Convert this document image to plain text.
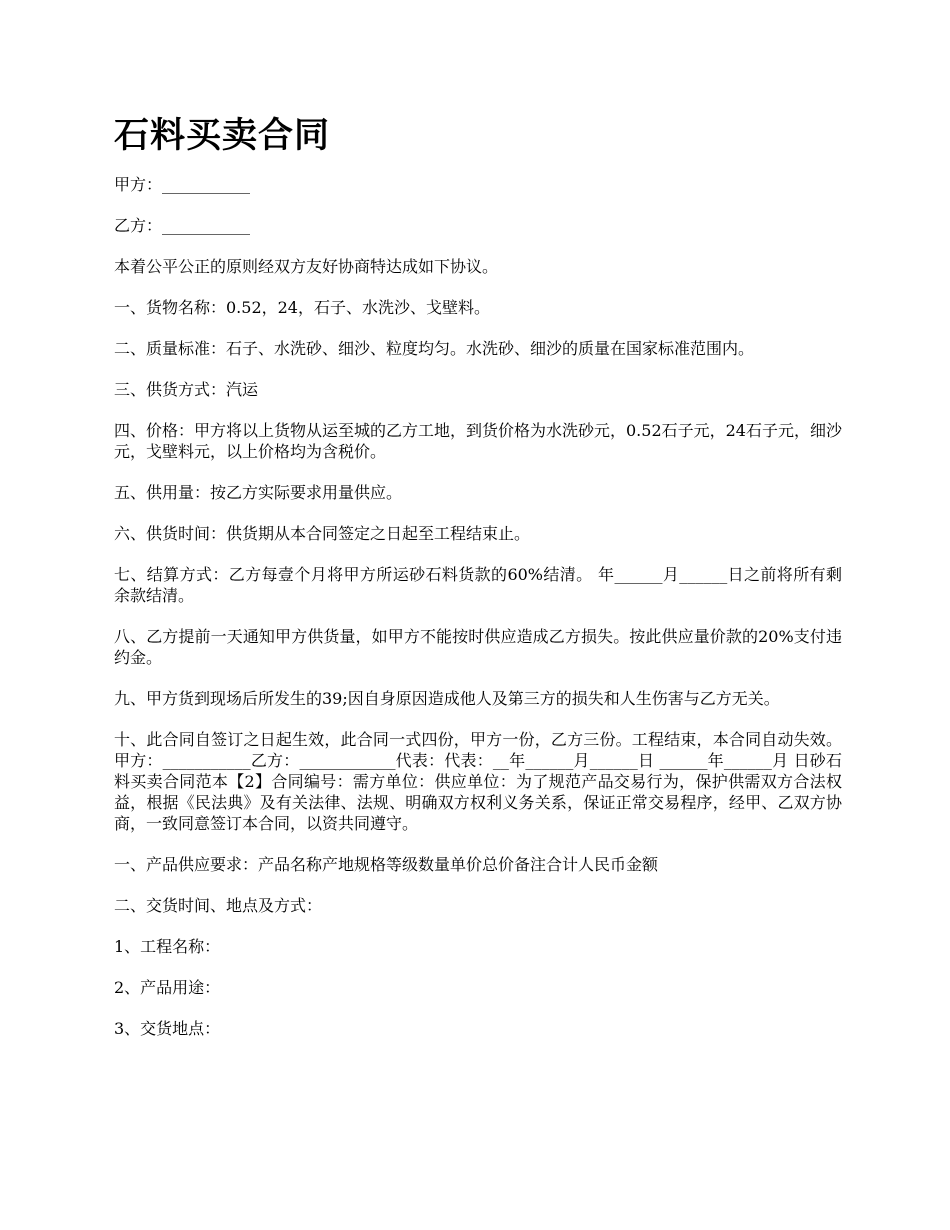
石料买卖合同

甲方：___________

乙方：___________

本着公平公正的原则经双方友好协商特达成如下协议。

一、货物名称：0.52，24，石子、水洗沙、戈壁料。

二、质量标准：石子、水洗砂、细沙、粒度均匀。水洗砂、细沙的质量在国家标准范围内。

三、供货方式：汽运

四、价格：甲方将以上货物从运至城的乙方工地，到货价格为水洗砂元，0.52石子元，24石子元，细沙元，戈壁料元，以上价格均为含税价。

五、供用量：按乙方实际要求用量供应。

六、供货时间：供货期从本合同签定之日起至工程结束止。

七、结算方式：乙方每壹个月将甲方所运砂石料货款的60%结清。 年______月______日之前将所有剩余款结清。

八、乙方提前一天通知甲方供货量，如甲方不能按时供应造成乙方损失。按此供应量价款的20%支付违约金。

九、甲方货到现场后所发生的39;因自身原因造成他人及第三方的损失和人生伤害与乙方无关。

十、此合同自签订之日起生效，此合同一式四份，甲方一份，乙方三份。工程结束，本合同自动失效。甲方：___________乙方：____________代表：代表：__年______月______日 ______年______月 日砂石料买卖合同范本【2】合同编号：需方单位：供应单位：为了规范产品交易行为，保护供需双方合法权益，根据《民法典》及有关法律、法规、明确双方权利义务关系，保证正常交易程序，经甲、乙双方协商，一致同意签订本合同，以资共同遵守。

一、产品供应要求：产品名称产地规格等级数量单价总价备注合计人民币金额

二、交货时间、地点及方式：

1、工程名称：

2、产品用途：

3、交货地点：
